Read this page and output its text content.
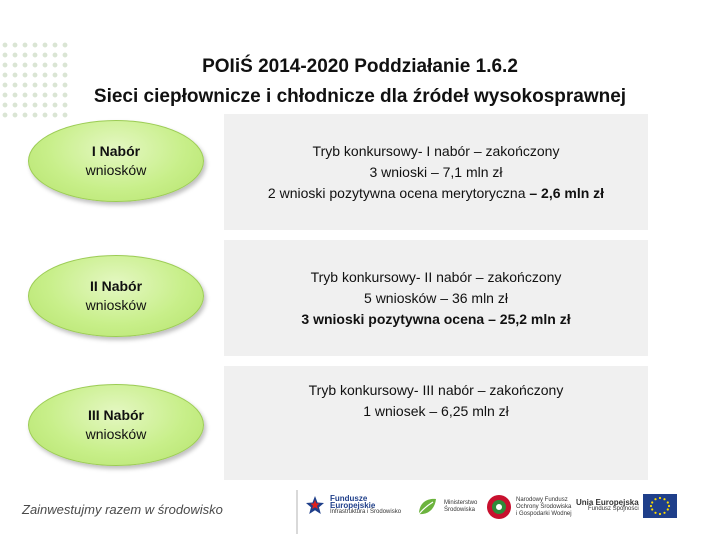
POIiŚ 2014-2020 Poddziałanie 1.6.2
Sieci ciepłownicze i chłodnicze dla źródeł wysokosprawnej
I Nabór
wniosków
Tryb konkursowy- I nabór – zakończony
3 wnioski – 7,1 mln zł
2 wnioski pozytywna ocena merytoryczna – 2,6 mln zł
II Nabór
wniosków
Tryb konkursowy- II nabór – zakończony
5 wniosków – 36 mln zł
3 wnioski pozytywna ocena – 25,2 mln zł
III Nabór
wniosków
Tryb konkursowy- III nabór – zakończony
1 wniosek – 6,25 mln zł
Zainwestujmy razem w środowisko
Fundusze
Europejskie
Infrastruktura i Środowisko
Ministerstwo Środowiska
Narodowy Fundusz Ochrony Środowiska i Gospodarki Wodnej
Unia Europejska
Fundusz Spójności
